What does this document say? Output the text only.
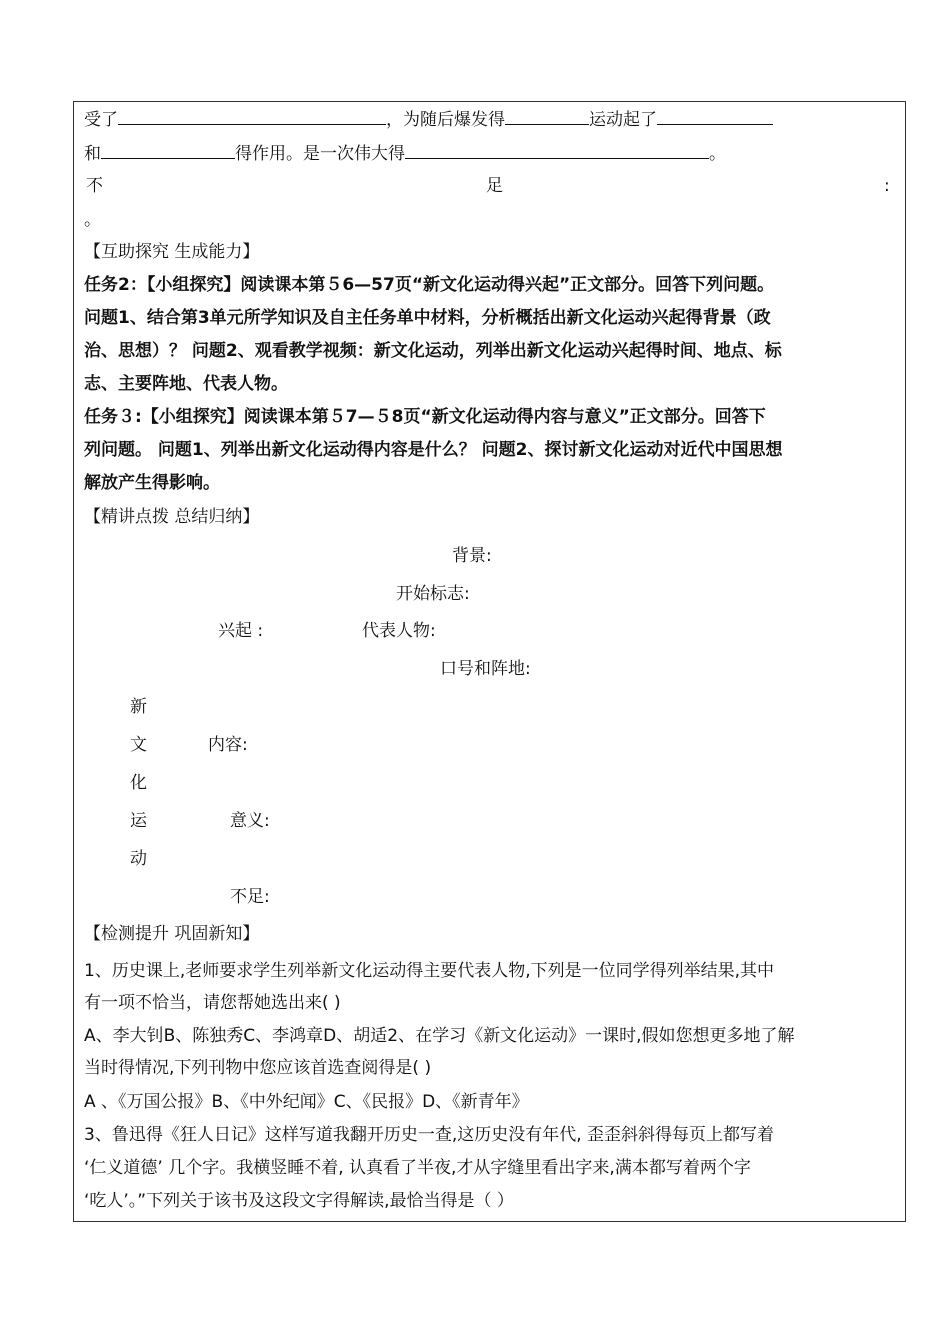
受了	，为随后爆发得	运动起了
和	得作用。是一次伟大得	。
不	足	:
。
【互助探究 生成能力】
任务2：【小组探究】阅读课本第５6—57页“新文化运动得兴起”正文部分。回答下列问题。
问题1、结合第3单元所学知识及自主任务单中材料，分析概括出新文化运动兴起得背景（政
治、思想）？ 问题2、观看教学视频：新文化运动，列举出新文化运动兴起得时间、地点、标
志、主要阵地、代表人物。
任务３:【小组探究】阅读课本第５7—５8页“新文化运动得内容与意义”正文部分。回答下
列问题。 问题1、列举出新文化运动得内容是什么？ 问题2、探讨新文化运动对近代中国思想
解放产生得影响。
【精讲点拨 总结归纳】
背景:
开始标志:
兴起 :	代表人物:
口号和阵地:
新
文
化
运
动
内容:
意义:
不足:
【检测提升 巩固新知】
1、历史课上,老师要求学生列举新文化运动得主要代表人物,下列是一位同学得列举结果,其中
有一项不恰当，请您帮她选出来( )
A、李大钊B、陈独秀C、李鸿章D、胡适2、在学习《新文化运动》一课时,假如您想更多地了解
当时得情况,下列刊物中您应该首选查阅得是( )
A 、《万国公报》B、《中外纪闻》C、《民报》D、《新青年》
3、鲁迅得《狂人日记》这样写道我翻开历史一查,这历史没有年代, 歪歪斜斜得每页上都写着
‘仁义道德’ 几个字。我横竖睡不着, 认真看了半夜,才从字缝里看出字来,满本都写着两个字
‘吃人’。”下列关于该书及这段文字得解读,最恰当得是（ ）
